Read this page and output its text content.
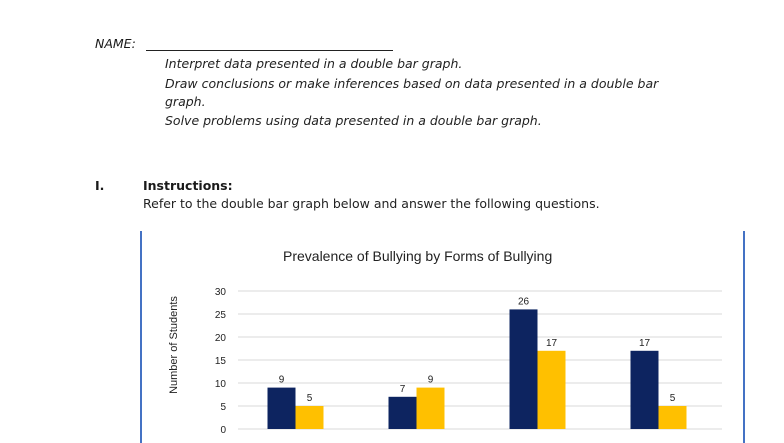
NAME:
Interpret data presented in a double bar graph.
Draw conclusions or make inferences based on data presented in a double bar
graph.
Solve problems using data presented in a double bar graph.
I.	Instructions:
Refer to the double bar graph below and answer the following questions.
Prevalence of Bullying by Forms of Bullying
Number of Students
0
5
10
15
20
25
30
9
7
26
17
5
9
17
5
